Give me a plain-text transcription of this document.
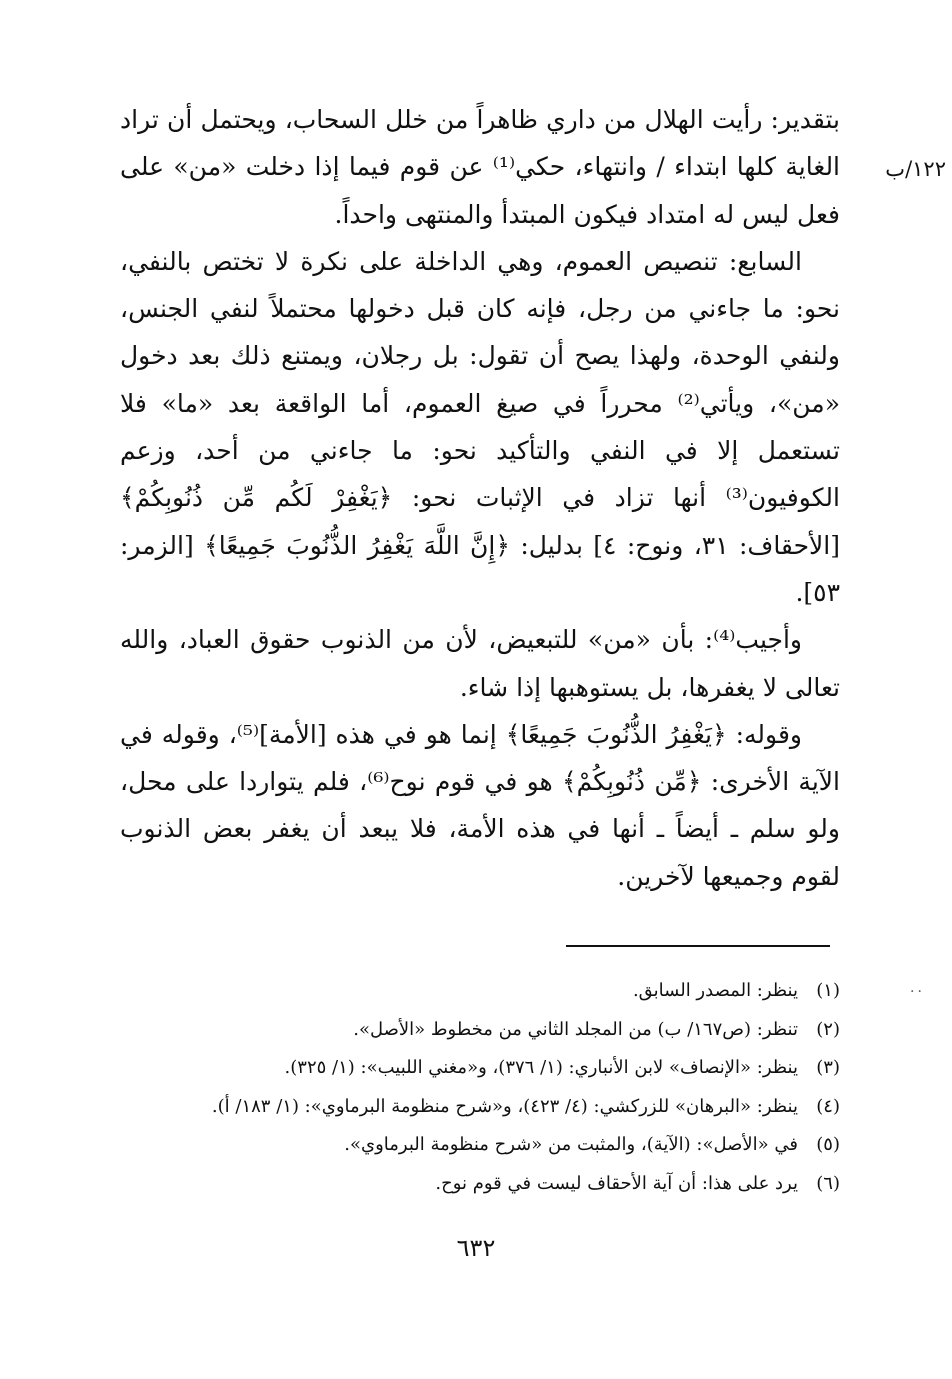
١٢٢/ب

بتقدير: رأيت الهلال من داري ظاهراً من خلل السحاب، ويحتمل أن تراد الغاية كلها ابتداء / وانتهاء، حكي⁽¹⁾ عن قوم فيما إذا دخلت «من» على فعل ليس له امتداد فيكون المبتدأ والمنتهى واحداً.

السابع: تنصيص العموم، وهي الداخلة على نكرة لا تختص بالنفي، نحو: ما جاءني من رجل، فإنه كان قبل دخولها محتملاً لنفي الجنس، ولنفي الوحدة، ولهذا يصح أن تقول: بل رجلان، ويمتنع ذلك بعد دخول «من»، ويأتي⁽²⁾ محرراً في صيغ العموم، أما الواقعة بعد «ما» فلا تستعمل إلا في النفي والتأكيد نحو: ما جاءني من أحد، وزعم الكوفيون⁽³⁾ أنها تزاد في الإثبات نحو: ﴿يَغْفِرْ لَكُم مِّن ذُنُوبِكُمْ﴾ [الأحقاف: ٣١، ونوح: ٤] بدليل: ﴿إِنَّ اللَّهَ يَغْفِرُ الذُّنُوبَ جَمِيعًا﴾ [الزمر: ٥٣].

وأجيب⁽⁴⁾: بأن «من» للتبعيض، لأن من الذنوب حقوق العباد، والله تعالى لا يغفرها، بل يستوهبها إذا شاء.

وقوله: ﴿يَغْفِرُ الذُّنُوبَ جَمِيعًا﴾ إنما هو في هذه [الأمة]⁽⁵⁾، وقوله في الآية الأخرى: ﴿مِّن ذُنُوبِكُمْ﴾ هو في قوم نوح⁽⁶⁾، فلم يتواردا على محل، ولو سلم ـ أيضاً ـ أنها في هذه الأمة، فلا يبعد أن يغفر بعض الذنوب لقوم وجميعها لآخرين.

..
(١)
ينظر: المصدر السابق.
(٢)
تنظر: (ص١٦٧/ ب) من المجلد الثاني من مخطوط «الأصل».
(٣)
ينظر: «الإنصاف» لابن الأنباري: (١/ ٣٧٦)، و«مغني اللبيب»: (١/ ٣٢٥).
(٤)
ينظر: «البرهان» للزركشي: (٤/ ٤٢٣)، و«شرح منظومة البرماوي»: (١/ ١٨٣/ أ).
(٥)
في «الأصل»: (الآية)، والمثبت من «شرح منظومة البرماوي».
(٦)
يرد على هذا: أن آية الأحقاف ليست في قوم نوح.
٦٣٢
